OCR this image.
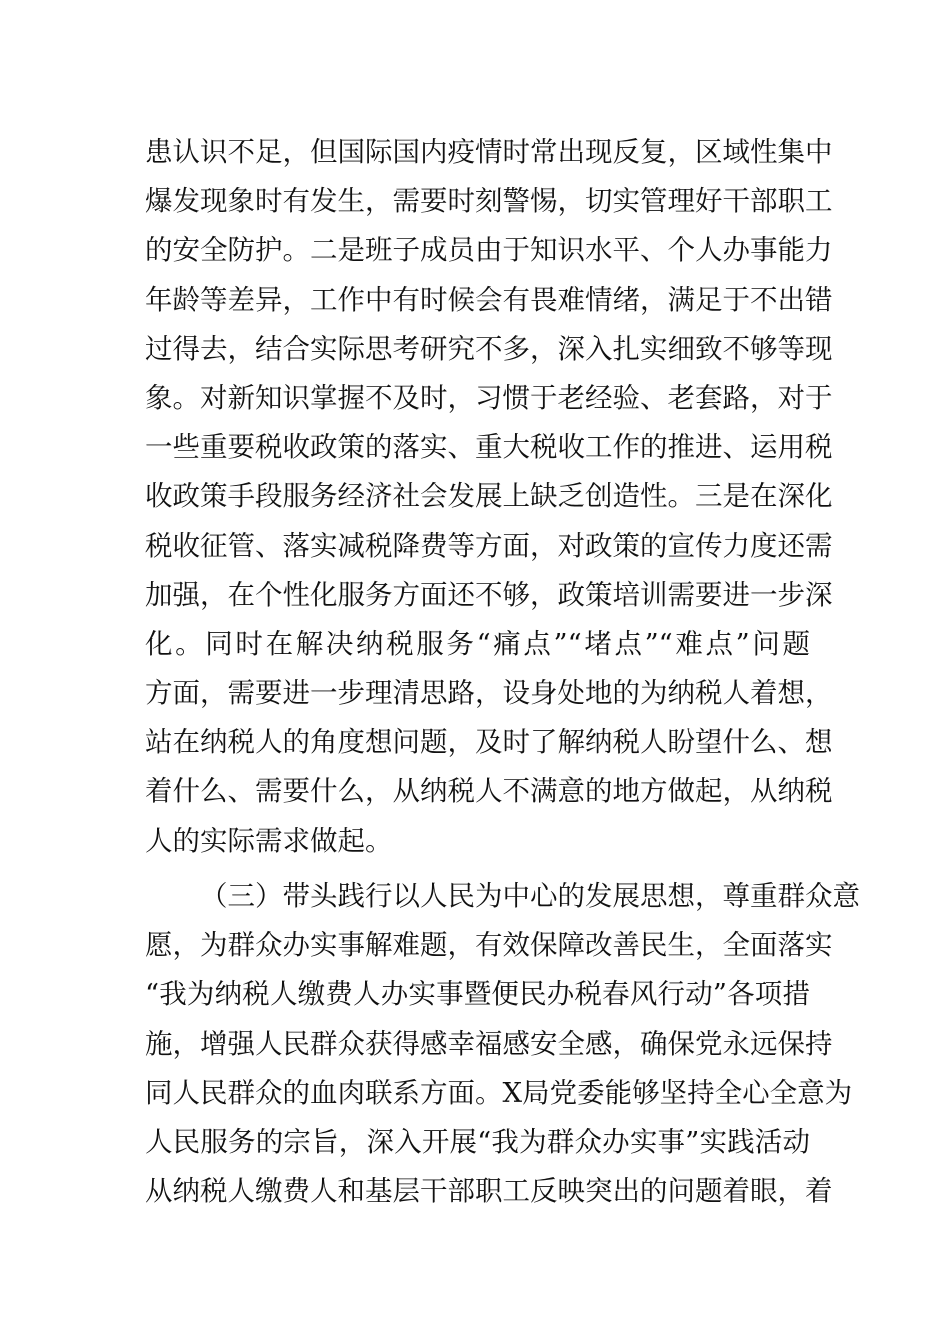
患认识不足，但国际国内疫情时常出现反复，区域性集中
爆发现象时有发生，需要时刻警惕，切实管理好干部职工
的安全防护。二是班子成员由于知识水平、个人办事能力
年龄等差异，工作中有时候会有畏难情绪，满足于不出错
过得去，结合实际思考研究不多，深入扎实细致不够等现
象。对新知识掌握不及时，习惯于老经验、老套路，对于
一些重要税收政策的落实、重大税收工作的推进、运用税
收政策手段服务经济社会发展上缺乏创造性。三是在深化
税收征管、落实减税降费等方面，对政策的宣传力度还需
加强，在个性化服务方面还不够，政策培训需要进一步深
化。同时在解决纳税服务“痛点”“堵点”“难点”问题
方面，需要进一步理清思路，设身处地的为纳税人着想，
站在纳税人的角度想问题，及时了解纳税人盼望什么、想
着什么、需要什么，从纳税人不满意的地方做起，从纳税
人的实际需求做起。
（三）带头践行以人民为中心的发展思想，尊重群众意
愿，为群众办实事解难题，有效保障改善民生，全面落实
“我为纳税人缴费人办实事暨便民办税春风行动”各项措
施，增强人民群众获得感幸福感安全感，确保党永远保持
同人民群众的血肉联系方面。X局党委能够坚持全心全意为
人民服务的宗旨，深入开展“我为群众办实事”实践活动
从纳税人缴费人和基层干部职工反映突出的问题着眼，着
